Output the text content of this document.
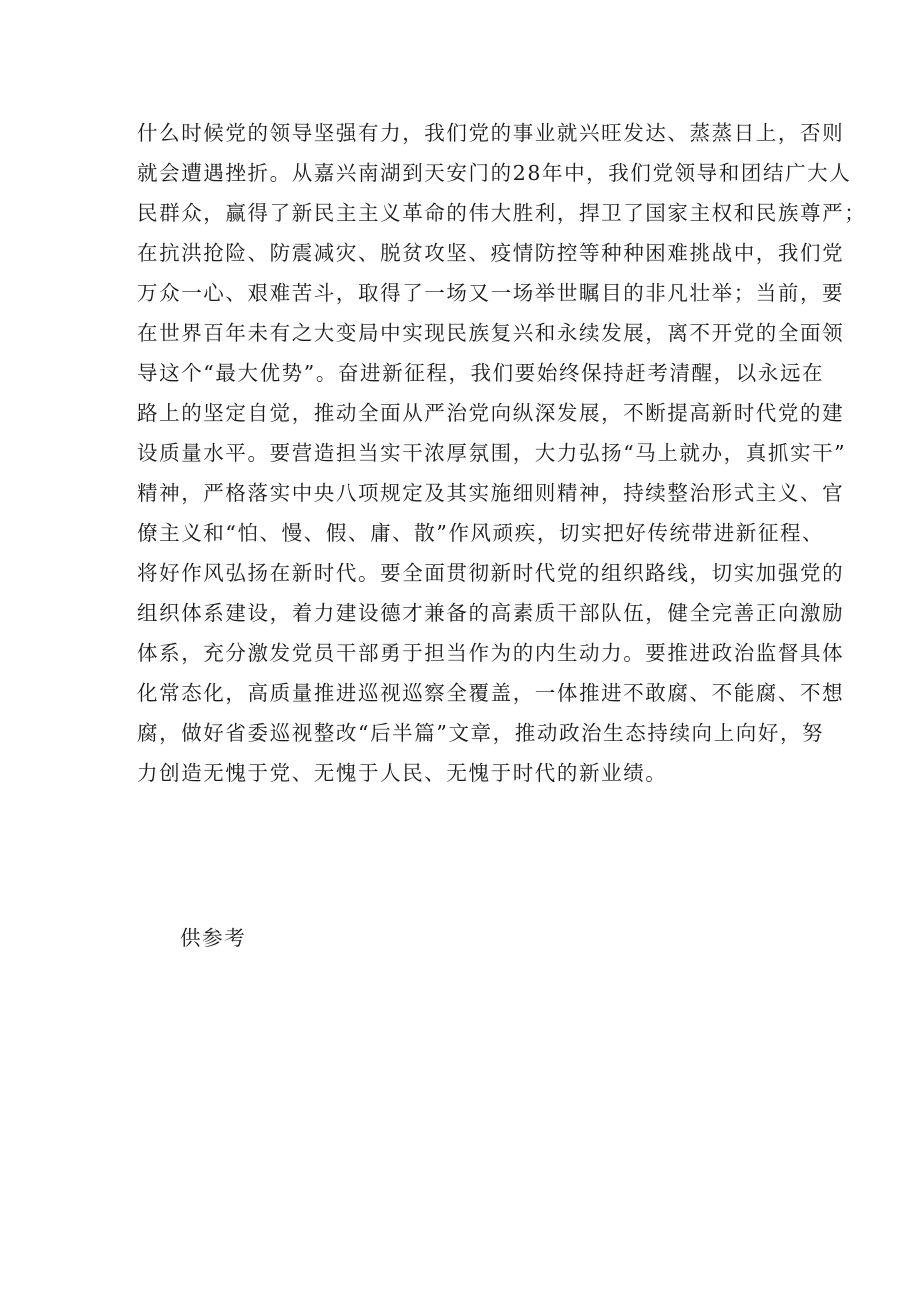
什么时候党的领导坚强有力，我们党的事业就兴旺发达、蒸蒸日上，否则
就会遭遇挫折。从嘉兴南湖到天安门的28年中，我们党领导和团结广大人
民群众，赢得了新民主主义革命的伟大胜利，捍卫了国家主权和民族尊严；
在抗洪抢险、防震减灾、脱贫攻坚、疫情防控等种种困难挑战中，我们党
万众一心、艰难苦斗，取得了一场又一场举世瞩目的非凡壮举；当前，要
在世界百年未有之大变局中实现民族复兴和永续发展，离不开党的全面领
导这个“最大优势”。奋进新征程，我们要始终保持赶考清醒，以永远在
路上的坚定自觉，推动全面从严治党向纵深发展，不断提高新时代党的建
设质量水平。要营造担当实干浓厚氛围，大力弘扬“马上就办，真抓实干”
精神，严格落实中央八项规定及其实施细则精神，持续整治形式主义、官
僚主义和“怕、慢、假、庸、散”作风顽疾，切实把好传统带进新征程、
将好作风弘扬在新时代。要全面贯彻新时代党的组织路线，切实加强党的
组织体系建设，着力建设德才兼备的高素质干部队伍，健全完善正向激励
体系，充分激发党员干部勇于担当作为的内生动力。要推进政治监督具体
化常态化，高质量推进巡视巡察全覆盖，一体推进不敢腐、不能腐、不想
腐，做好省委巡视整改“后半篇”文章，推动政治生态持续向上向好，努
力创造无愧于党、无愧于人民、无愧于时代的新业绩。

供参考
